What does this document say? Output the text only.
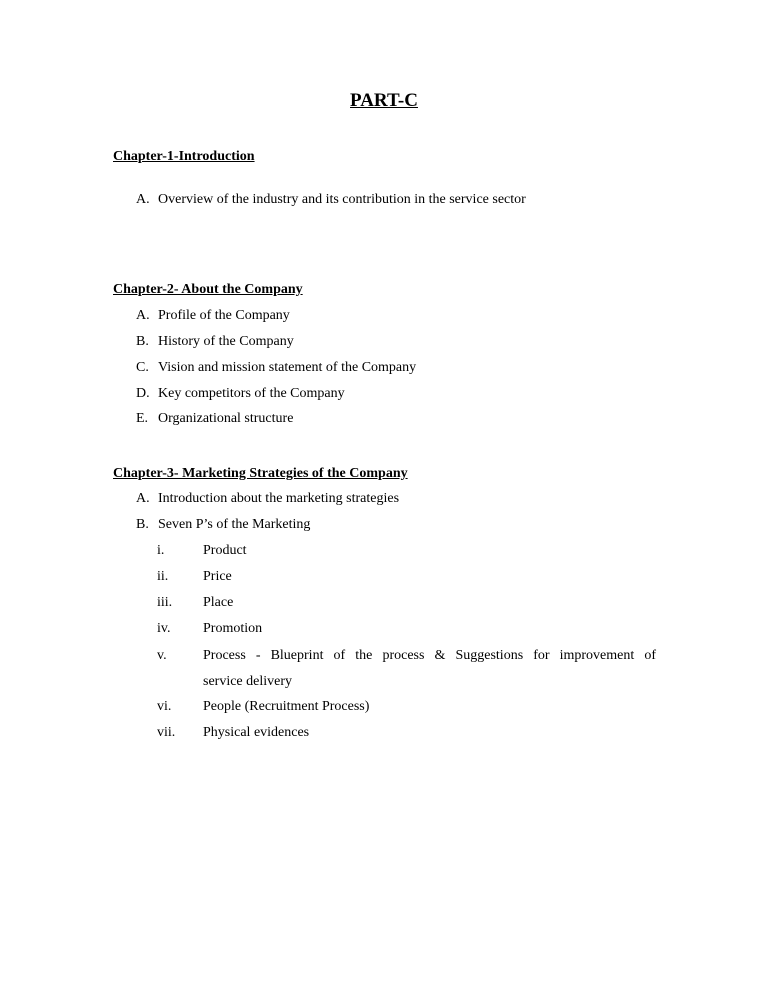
PART-C
Chapter-1-Introduction
A. Overview of the industry and its contribution in the service sector
Chapter-2- About the Company
A. Profile of the Company
B. History of the Company
C. Vision and mission statement of the Company
D. Key competitors of the Company
E. Organizational structure
Chapter-3- Marketing Strategies of the Company
A. Introduction about the marketing strategies
B. Seven P’s of the Marketing
i.	Product
ii. Price
iii. Place
iv. Promotion
v.	Process - Blueprint of the process & Suggestions for improvement of
service delivery
vi. People (Recruitment Process)
vii. Physical evidences
